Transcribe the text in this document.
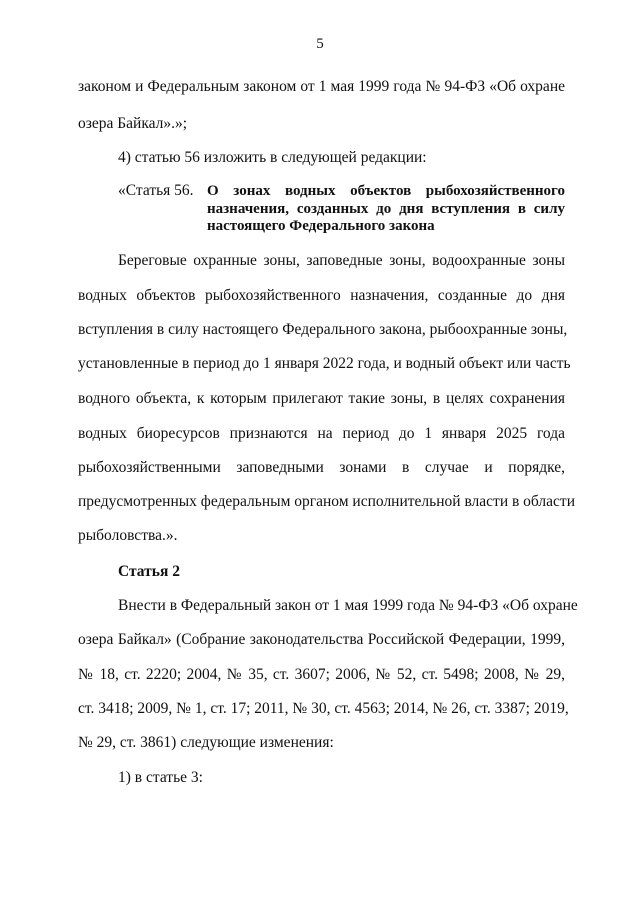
5
законом и Федеральным законом от 1 мая 1999 года № 94-ФЗ «Об охране
озера Байкал».»;
4) статью 56 изложить в следующей редакции:
«Статья 56. О зонах водных объектов рыбохозяйственного
назначения, созданных до дня вступления в силу
настоящего Федерального закона
Береговые охранные зоны, заповедные зоны, водоохранные зоны
водных объектов рыбохозяйственного назначения, созданные до дня
вступления в силу настоящего Федерального закона, рыбоохранные зоны,
установленные в период до 1 января 2022 года, и водный объект или часть
водного объекта, к которым прилегают такие зоны, в целях сохранения
водных биоресурсов признаются на период до 1 января 2025 года
рыбохозяйственными заповедными зонами в случае и порядке,
предусмотренных федеральным органом исполнительной власти в области
рыболовства.».
Статья 2
Внести в Федеральный закон от 1 мая 1999 года № 94-ФЗ «Об охране
озера Байкал» (Собрание законодательства Российской Федерации, 1999,
№ 18, ст. 2220; 2004, № 35, ст. 3607; 2006, № 52, ст. 5498; 2008, № 29,
ст. 3418; 2009, № 1, ст. 17; 2011, № 30, ст. 4563; 2014, № 26, ст. 3387; 2019,
№ 29, ст. 3861) следующие изменения:
1) в статье 3:
